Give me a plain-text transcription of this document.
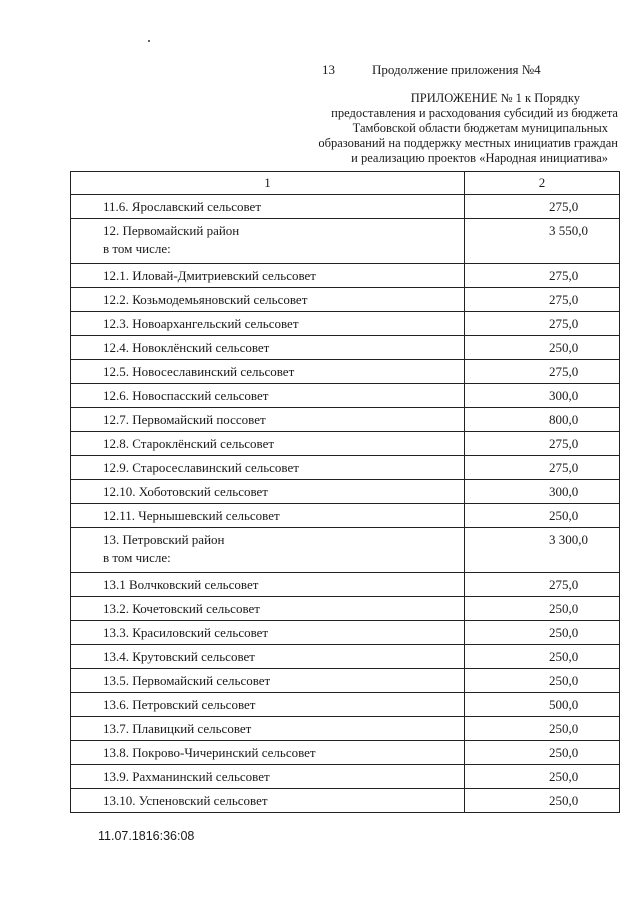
13	Продолжение приложения №4
ПРИЛОЖЕНИЕ № 1 к Порядку
предоставления и расходования субсидий из бюджета
Тамбовской области бюджетам муниципальных
образований на поддержку местных инициатив граждан
и реализацию проектов «Народная инициатива»
1	2

11.6. Ярославский сельсовет	275,0

12. Первомайский район
в том числе:	3 550,0

12.1. Иловай-Дмитриевский сельсовет	275,0

12.2. Козьмодемьяновский сельсовет	275,0

12.3. Новоархангельский сельсовет	275,0

12.4. Новоклёнский сельсовет	250,0

12.5. Новосеславинский сельсовет	275,0

12.6. Новоспасский сельсовет	300,0

12.7. Первомайский поссовет	800,0

12.8. Староклёнский сельсовет	275,0

12.9. Старосеславинский сельсовет	275,0

12.10. Хоботовский сельсовет	300,0

12.11. Чернышевский сельсовет	250,0

13. Петровский район
в том числе:	3 300,0

13.1 Волчковский сельсовет	275,0

13.2. Кочетовский сельсовет	250,0

13.3. Красиловский сельсовет	250,0

13.4. Крутовский сельсовет	250,0

13.5. Первомайский сельсовет	250,0

13.6. Петровский сельсовет	500,0

13.7. Плавицкий сельсовет	250,0

13.8. Покрово-Чичеринский сельсовет	250,0

13.9. Рахманинский сельсовет	250,0

13.10. Успеновский сельсовет	250,0
11.07.1816:36:08
